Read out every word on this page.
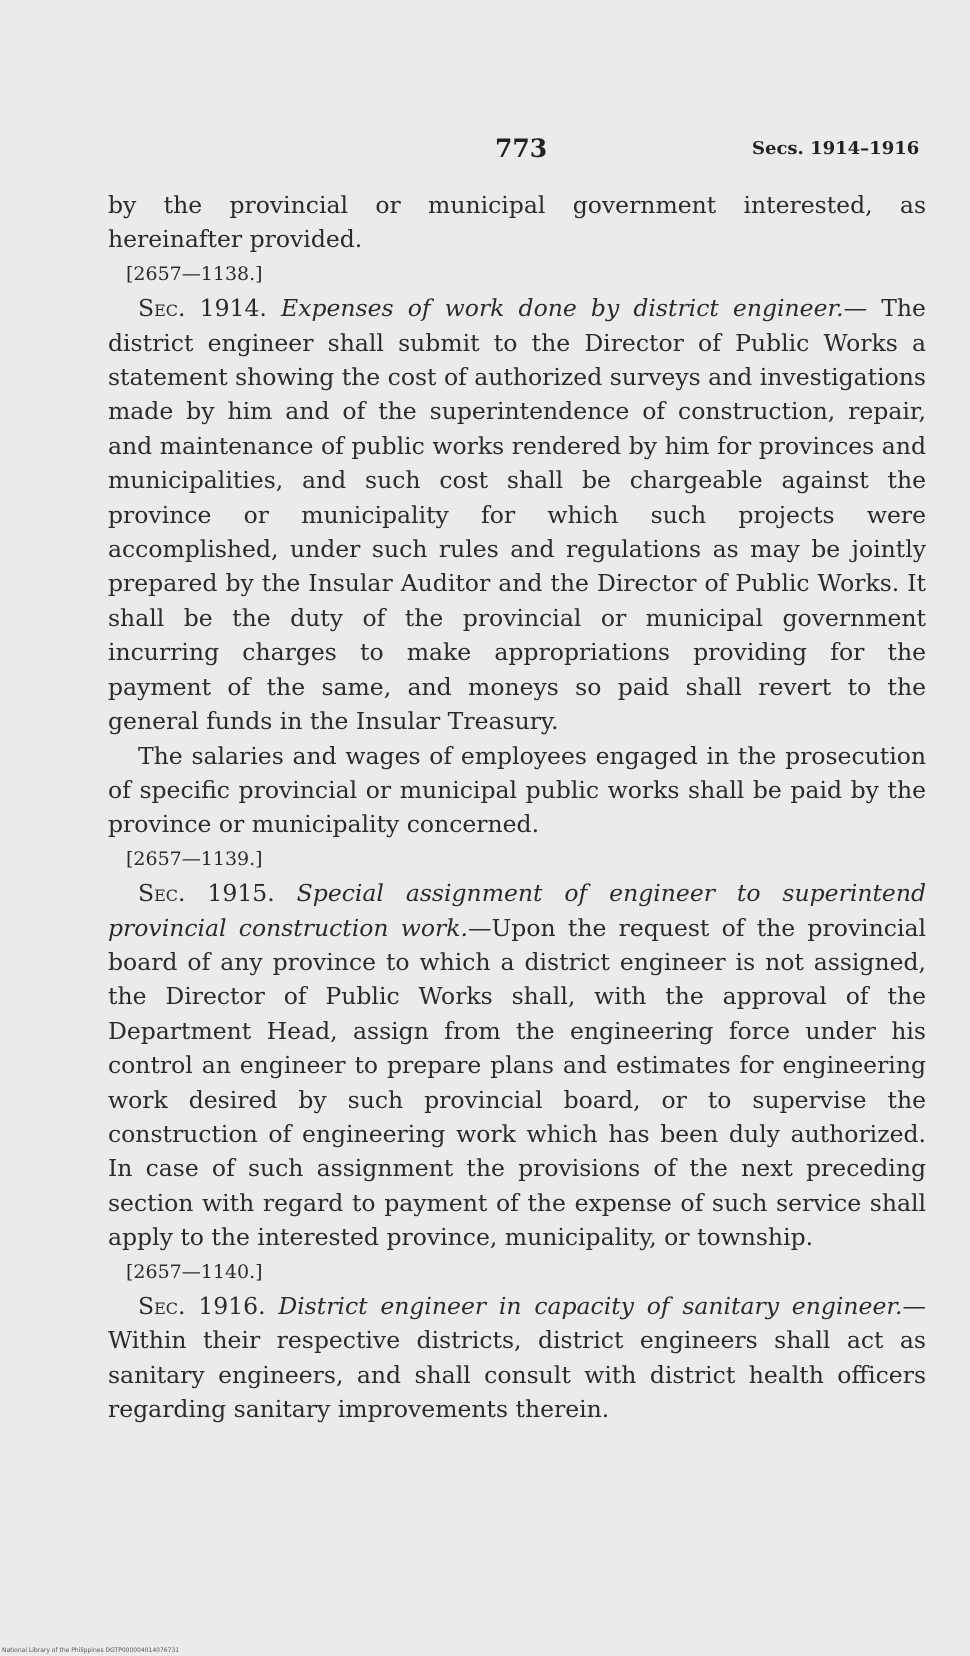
773	Secs. 1914–1916

by the provincial or municipal government interested, as hereinafter provided.

[2657—1138.]

Sec. 1914. Expenses of work done by district engineer.— The district engineer shall submit to the Director of Public Works a statement showing the cost of authorized surveys and investigations made by him and of the superintendence of construction, repair, and maintenance of public works rendered by him for provinces and municipalities, and such cost shall be chargeable against the province or municipality for which such projects were accomplished, under such rules and regulations as may be jointly prepared by the Insular Auditor and the Director of Public Works. It shall be the duty of the provincial or municipal government incurring charges to make appropriations providing for the payment of the same, and moneys so paid shall revert to the general funds in the Insular Treasury.

The salaries and wages of employees engaged in the prosecution of specific provincial or municipal public works shall be paid by the province or municipality concerned.

[2657—1139.]

Sec. 1915. Special assignment of engineer to superintend provincial construction work.—Upon the request of the provincial board of any province to which a district engineer is not assigned, the Director of Public Works shall, with the approval of the Department Head, assign from the engineering force under his control an engineer to prepare plans and estimates for engineering work desired by such provincial board, or to supervise the construction of engineering work which has been duly authorized. In case of such assignment the provisions of the next preceding section with regard to payment of the expense of such service shall apply to the interested province, municipality, or township.

[2657—1140.]

Sec. 1916. District engineer in capacity of sanitary engineer.—Within their respective districts, district engineers shall act as sanitary engineers, and shall consult with district health officers regarding sanitary improvements therein.

National Library of the Philippines DGTP000004014076731
